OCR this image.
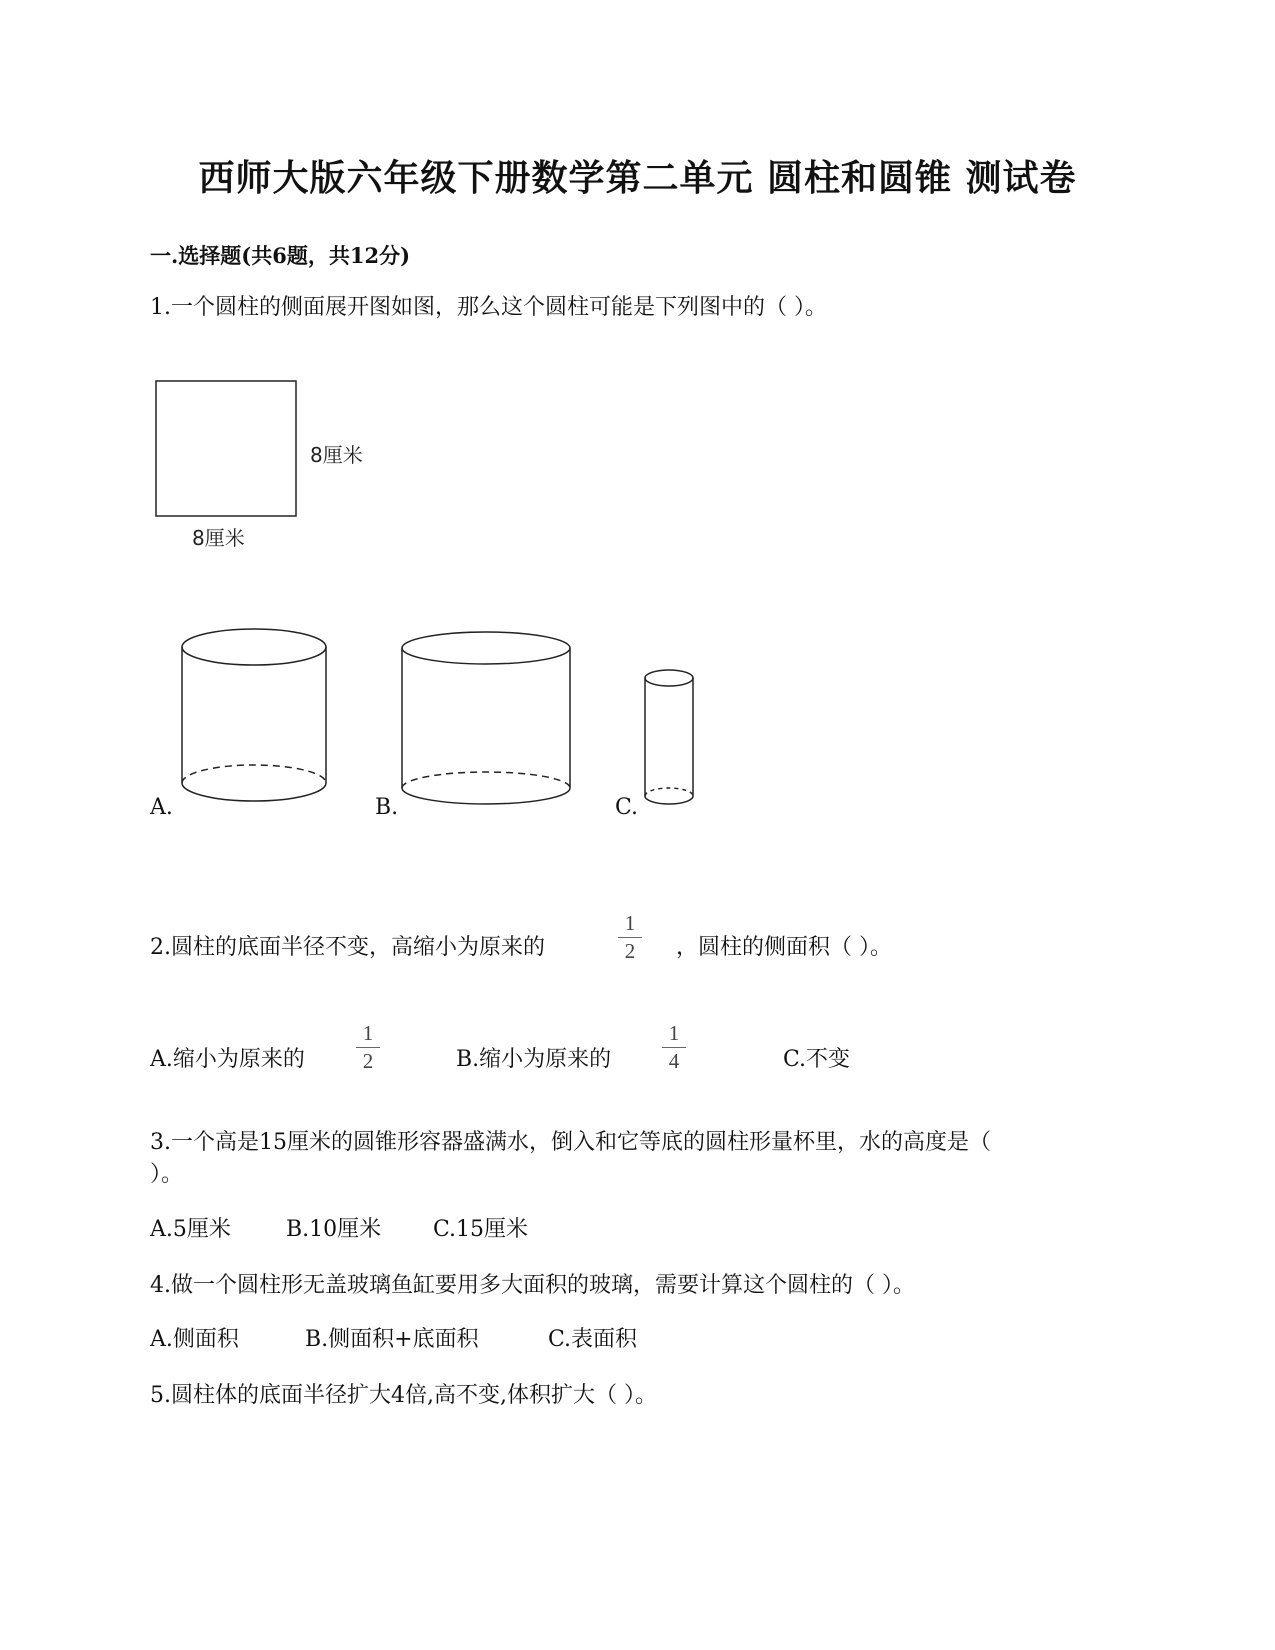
西师大版六年级下册数学第二单元 圆柱和圆锥 测试卷
一.选择题(共6题，共12分)
1.一个圆柱的侧面展开图如图，那么这个圆柱可能是下列图中的（ ）。
8厘米
8厘米
A.	B.	C.
2.圆柱的底面半径不变，高缩小为原来的
1
2	，圆柱的侧面积（ ）。
A.缩小为原来的
1
2	B.缩小为原来的
1
4	C.不变
3.一个高是15厘米的圆锥形容器盛满水，倒入和它等底的圆柱形量杯里，水的高度是（
）。
A.5厘米	B.10厘米 C.15厘米
4.做一个圆柱形无盖玻璃鱼缸要用多大面积的玻璃，需要计算这个圆柱的（ ）。
A.侧面积	B.侧面积+底面积	C.表面积
5.圆柱体的底面半径扩大4倍,高不变,体积扩大（ ）。
